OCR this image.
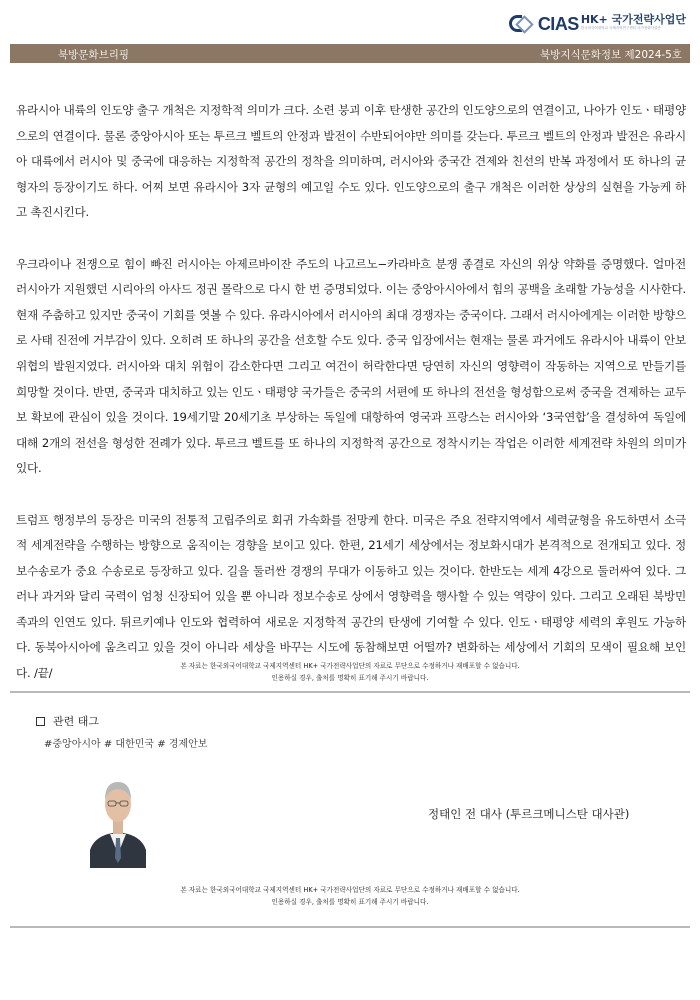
CIAS HK+ 국가전략사업단
한국외국어대학교 국제지역연구센터 국가전략사업단
북방문화브리핑	북방지식문화정보 제2024-5호

유라시아 내륙의 인도양 출구 개척은 지정학적 의미가 크다. 소련 붕괴 이후 탄생한 공간의 인도양으로의 연결이고, 나아가 인도ㆍ태평양으로의 연결이다. 물론 중앙아시아 또는 투르크 벨트의 안정과 발전이 수반되어야만 의미를 갖는다. 투르크 벨트의 안정과 발전은 유라시아 대륙에서 러시아 및 중국에 대응하는 지정학적 공간의 정착을 의미하며, 러시아와 중국간 견제와 친선의 반복 과정에서 또 하나의 균형자의 등장이기도 하다. 어찌 보면 유라시아 3자 균형의 예고일 수도 있다. 인도양으로의 출구 개척은 이러한 상상의 실현을 가능케 하고 촉진시킨다.

우크라이나 전쟁으로 힘이 빠진 러시아는 아제르바이잔 주도의 나고르노−카라바흐 분쟁 종결로 자신의 위상 약화를 증명했다. 얼마전 러시아가 지원했던 시리아의 아사드 정권 몰락으로 다시 한 번 증명되었다. 이는 중앙아시아에서 힘의 공백을 초래할 가능성을 시사한다. 현재 주춤하고 있지만 중국이 기회를 엿볼 수 있다. 유라시아에서 러시아의 최대 경쟁자는 중국이다. 그래서 러시아에게는 이러한 방향으로 사태 진전에 거부감이 있다. 오히려 또 하나의 공간을 선호할 수도 있다. 중국 입장에서는 현재는 물론 과거에도 유라시아 내륙이 안보위협의 발원지였다. 러시아와 대치 위험이 감소한다면 그리고 여건이 허락한다면 당연히 자신의 영향력이 작동하는 지역으로 만들기를 희망할 것이다. 반면, 중국과 대치하고 있는 인도ㆍ태평양 국가들은 중국의 서편에 또 하나의 전선을 형성함으로써 중국을 견제하는 교두보 확보에 관심이 있을 것이다. 19세기말 20세기초 부상하는 독일에 대항하여 영국과 프랑스는 러시아와 ‘3국연합’을 결성하여 독일에 대해 2개의 전선을 형성한 전례가 있다. 투르크 벨트를 또 하나의 지정학적 공간으로 정착시키는 작업은 이러한 세계전략 차원의 의미가 있다.

트럼프 행정부의 등장은 미국의 전통적 고립주의로 회귀 가속화를 전망케 한다. 미국은 주요 전략지역에서 세력균형을 유도하면서 소극적 세계전략을 수행하는 방향으로 움직이는 경향을 보이고 있다. 한편, 21세기 세상에서는 정보화시대가 본격적으로 전개되고 있다. 정보수송로가 중요 수송로로 등장하고 있다. 길을 둘러싼 경쟁의 무대가 이동하고 있는 것이다. 한반도는 세계 4강으로 둘러싸여 있다. 그러나 과거와 달리 국력이 엄청 신장되어 있을 뿐 아니라 정보수송로 상에서 영향력을 행사할 수 있는 역량이 있다. 그리고 오래된 북방민족과의 인연도 있다. 튀르키예나 인도와 협력하여 새로운 지정학적 공간의 탄생에 기여할 수 있다. 인도ㆍ태평양 세력의 후원도 가능하다. 동북아시아에 움츠리고 있을 것이 아니라 세상을 바꾸는 시도에 동참해보면 어떨까? 변화하는 세상에서 기회의 모색이 필요해 보인다. /끝/

본 자료는 한국외국어대학교 국제지역센터 HK+ 국가전략사업단의 자료로 무단으로 수정하거나 재배포할 수 없습니다.
인용하실 경우, 출처를 명확히 표기해 주시기 바랍니다.
관련 태그
#중앙아시아 # 대한민국 # 경제안보
정태인 전 대사 (투르크메니스탄 대사관)
본 자료는 한국외국어대학교 국제지역센터 HK+ 국가전략사업단의 자료로 무단으로 수정하거나 재배포할 수 없습니다.
인용하실 경우, 출처를 명확히 표기해 주시기 바랍니다.
